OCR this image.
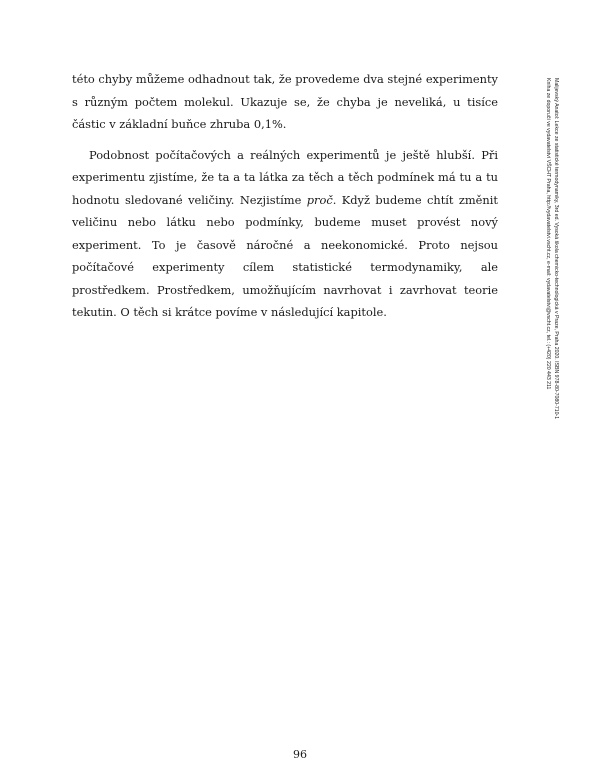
této chyby můžeme odhadnout tak, že provedeme dva stejné experimenty s různým počtem molekul. Ukazuje se, že chyba je neveliká, u tisíce částic v základní buňce zhruba 0,1%.

Podobnost počítačových a reálných experimentů je ještě hlubší. Při experimentu zjistíme, že ta a ta látka za těch a těch podmínek má tu a tu hodnotu sledované veličiny. Nezjistíme proč. Když budeme chtít změnit veličinu nebo látku nebo podmínky, budeme muset provést nový experiment. To je časově náročné a neekonomické. Proto nejsou počítačové experimenty cílem statistické termodynamiky, ale prostředkem. Prostředkem, umožňujícím navrhovat i zavrhovat teorie tekutin. O těch si krátce povíme v následující kapitole.	Malijevský Anatol: Lekce ze statistické termodynamiky, 3rd ed. Vysoká škola chemicko-technologická v Praze, Praha 2020. ISBN 978-80-7080-710-1
Kniha ze doporučí ve vydavatelství VŠCHT Praha, http://vydavatelstvi.vscht.cz, e-mail: vydavatelstvi@vscht.cz, tel.: (+420) 220 443 211
96
